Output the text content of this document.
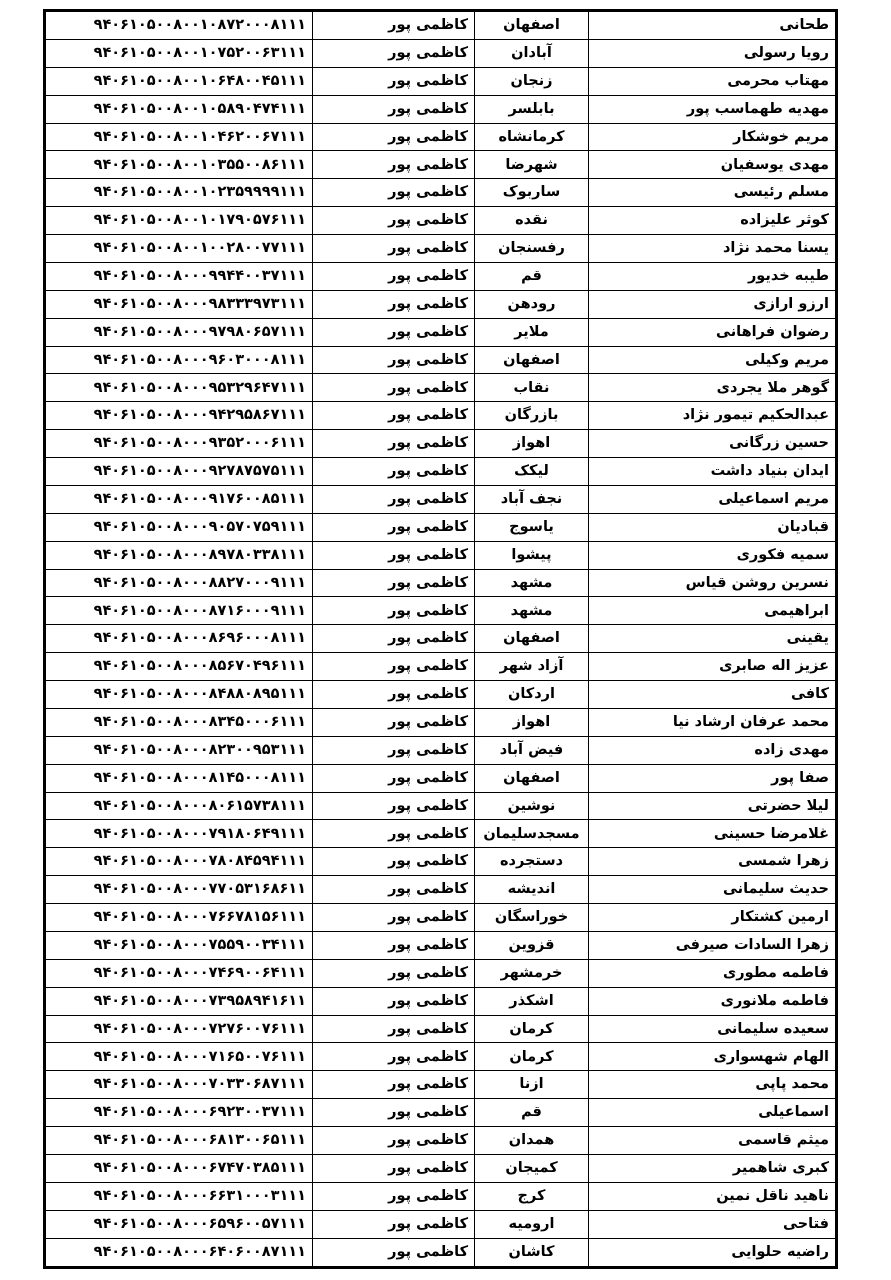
۹۴۰۶۱۰۵۰۰۸۰۰۱۰۸۷۲۰۰۰۸۱۱۱	کاظمی پور	اصفهان	طحانی
۹۴۰۶۱۰۵۰۰۸۰۰۱۰۷۵۲۰۰۶۳۱۱۱	کاظمی پور	آبادان	رویا رسولی
۹۴۰۶۱۰۵۰۰۸۰۰۱۰۶۴۸۰۰۴۵۱۱۱	کاظمی پور	زنجان	مهتاب محرمی
۹۴۰۶۱۰۵۰۰۸۰۰۱۰۵۸۹۰۴۷۴۱۱۱	کاظمی پور	بابلسر	مهدیه طهماسب پور
۹۴۰۶۱۰۵۰۰۸۰۰۱۰۴۶۲۰۰۶۷۱۱۱	کاظمی پور	کرمانشاه	مریم خوشکار
۹۴۰۶۱۰۵۰۰۸۰۰۱۰۳۵۵۰۰۸۶۱۱۱	کاظمی پور	شهرضا	مهدی یوسفیان
۹۴۰۶۱۰۵۰۰۸۰۰۱۰۲۳۵۹۹۹۹۱۱۱	کاظمی پور	ساربوک	مسلم رئیسی
۹۴۰۶۱۰۵۰۰۸۰۰۱۰۱۷۹۰۵۷۶۱۱۱	کاظمی پور	نقده	کوثر علیزاده
۹۴۰۶۱۰۵۰۰۸۰۰۱۰۰۲۸۰۰۷۷۱۱۱	کاظمی پور	رفسنجان	یسنا محمد نژاد
۹۴۰۶۱۰۵۰۰۸۰۰۰۹۹۴۴۰۰۳۷۱۱۱	کاظمی پور	قم	طیبه خدیور
۹۴۰۶۱۰۵۰۰۸۰۰۰۹۸۳۳۳۹۷۳۱۱۱	کاظمی پور	رودهن	ارزو ارازی
۹۴۰۶۱۰۵۰۰۸۰۰۰۹۷۹۸۰۶۵۷۱۱۱	کاظمی پور	ملایر	رضوان فراهانی
۹۴۰۶۱۰۵۰۰۸۰۰۰۹۶۰۳۰۰۰۸۱۱۱	کاظمی پور	اصفهان	مریم وکیلی
۹۴۰۶۱۰۵۰۰۸۰۰۰۹۵۳۲۹۶۴۷۱۱۱	کاظمی پور	نقاب	گوهر ملا یجردی
۹۴۰۶۱۰۵۰۰۸۰۰۰۹۴۲۹۵۸۶۷۱۱۱	کاظمی پور	بازرگان	عبدالحکیم تیمور نژاد
۹۴۰۶۱۰۵۰۰۸۰۰۰۹۳۵۲۰۰۰۶۱۱۱	کاظمی پور	اهواز	حسین زرگانی
۹۴۰۶۱۰۵۰۰۸۰۰۰۹۲۷۸۷۵۷۵۱۱۱	کاظمی پور	لیکک	ایدان بنیاد داشت
۹۴۰۶۱۰۵۰۰۸۰۰۰۹۱۷۶۰۰۸۵۱۱۱	کاظمی پور	نجف آباد	مریم اسماعیلی
۹۴۰۶۱۰۵۰۰۸۰۰۰۹۰۵۷۰۷۵۹۱۱۱	کاظمی پور	یاسوج	قبادیان
۹۴۰۶۱۰۵۰۰۸۰۰۰۸۹۷۸۰۳۳۸۱۱۱	کاظمی پور	پیشوا	سمیه فکوری
۹۴۰۶۱۰۵۰۰۸۰۰۰۸۸۲۷۰۰۰۹۱۱۱	کاظمی پور	مشهد	نسرین روشن قیاس
۹۴۰۶۱۰۵۰۰۸۰۰۰۸۷۱۶۰۰۰۹۱۱۱	کاظمی پور	مشهد	ابراهیمی
۹۴۰۶۱۰۵۰۰۸۰۰۰۸۶۹۶۰۰۰۸۱۱۱	کاظمی پور	اصفهان	یقینی
۹۴۰۶۱۰۵۰۰۸۰۰۰۸۵۶۷۰۴۹۶۱۱۱	کاظمی پور	آزاد شهر	عزیز اله صابری
۹۴۰۶۱۰۵۰۰۸۰۰۰۸۴۸۸۰۸۹۵۱۱۱	کاظمی پور	اردکان	کافی
۹۴۰۶۱۰۵۰۰۸۰۰۰۸۳۴۵۰۰۰۶۱۱۱	کاظمی پور	اهواز	محمد عرفان ارشاد نیا
۹۴۰۶۱۰۵۰۰۸۰۰۰۸۲۳۰۰۹۵۳۱۱۱	کاظمی پور	فیض آباد	مهدی زاده
۹۴۰۶۱۰۵۰۰۸۰۰۰۸۱۴۵۰۰۰۸۱۱۱	کاظمی پور	اصفهان	صفا پور
۹۴۰۶۱۰۵۰۰۸۰۰۰۸۰۶۱۵۷۳۸۱۱۱	کاظمی پور	نوشین	لیلا حضرتی
۹۴۰۶۱۰۵۰۰۸۰۰۰۷۹۱۸۰۶۴۹۱۱۱	کاظمی پور	مسجدسلیمان	غلامرضا حسینی
۹۴۰۶۱۰۵۰۰۸۰۰۰۷۸۰۸۴۵۹۴۱۱۱	کاظمی پور	دستجرده	زهرا شمسی
۹۴۰۶۱۰۵۰۰۸۰۰۰۷۷۰۵۳۱۶۸۶۱۱	کاظمی پور	اندیشه	حدیث سلیمانی
۹۴۰۶۱۰۵۰۰۸۰۰۰۷۶۶۷۸۱۵۶۱۱۱	کاظمی پور	خوراسگان	ارمین کشتکار
۹۴۰۶۱۰۵۰۰۸۰۰۰۷۵۵۹۰۰۳۴۱۱۱	کاظمی پور	قزوین	زهرا السادات صیرفی
۹۴۰۶۱۰۵۰۰۸۰۰۰۷۴۶۹۰۰۶۴۱۱۱	کاظمی پور	خرمشهر	فاطمه مطوری
۹۴۰۶۱۰۵۰۰۸۰۰۰۷۳۹۵۸۹۴۱۶۱۱	کاظمی پور	اشکذر	فاطمه ملانوری
۹۴۰۶۱۰۵۰۰۸۰۰۰۷۲۷۶۰۰۷۶۱۱۱	کاظمی پور	کرمان	سعیده سلیمانی
۹۴۰۶۱۰۵۰۰۸۰۰۰۷۱۶۵۰۰۷۶۱۱۱	کاظمی پور	کرمان	الهام شهسواری
۹۴۰۶۱۰۵۰۰۸۰۰۰۷۰۳۳۰۶۸۷۱۱۱	کاظمی پور	ازنا	محمد پاپی
۹۴۰۶۱۰۵۰۰۸۰۰۰۶۹۲۳۰۰۳۷۱۱۱	کاظمی پور	قم	اسماعیلی
۹۴۰۶۱۰۵۰۰۸۰۰۰۶۸۱۳۰۰۶۵۱۱۱	کاظمی پور	همدان	میثم قاسمی
۹۴۰۶۱۰۵۰۰۸۰۰۰۶۷۴۷۰۳۸۵۱۱۱	کاظمی پور	کمیجان	کبری شاهمیر
۹۴۰۶۱۰۵۰۰۸۰۰۰۶۶۳۱۰۰۰۳۱۱۱	کاظمی پور	کرج	ناهید ناقل نمین
۹۴۰۶۱۰۵۰۰۸۰۰۰۶۵۹۶۰۰۵۷۱۱۱	کاظمی پور	ارومیه	فتاحی
۹۴۰۶۱۰۵۰۰۸۰۰۰۶۴۰۶۰۰۸۷۱۱۱	کاظمی پور	کاشان	راضیه حلوایی
